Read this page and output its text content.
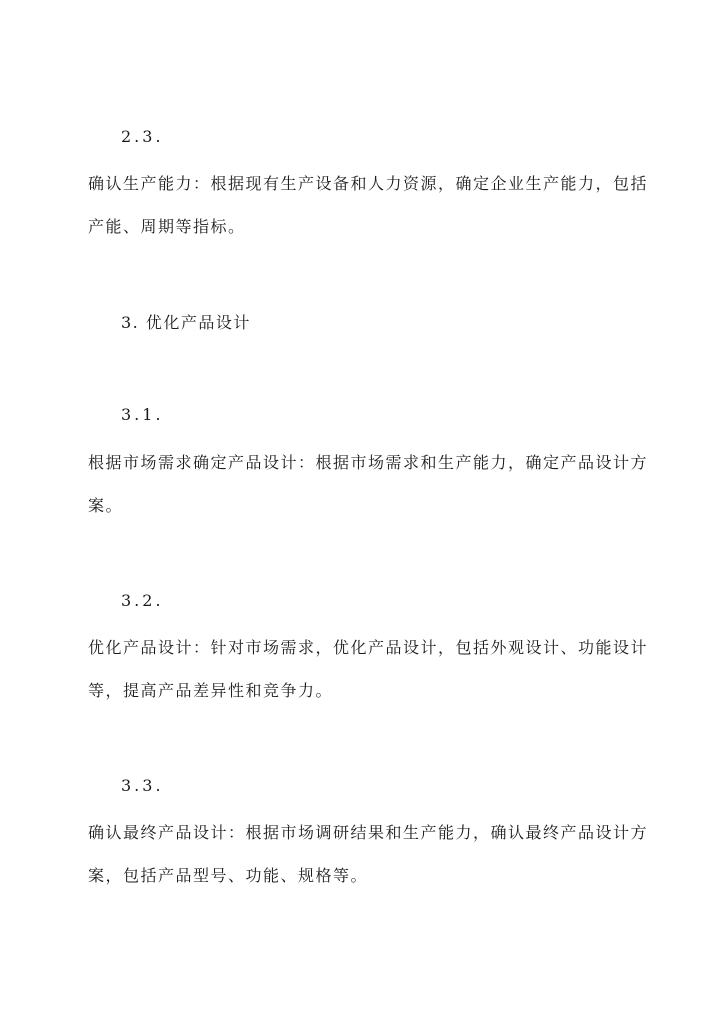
2.3.
确认生产能力：根据现有生产设备和人力资源，确定企业生产能力，包括
产能、周期等指标。
3. 优化产品设计
3.1.
根据市场需求确定产品设计：根据市场需求和生产能力，确定产品设计方
案。
3.2.
优化产品设计：针对市场需求，优化产品设计，包括外观设计、功能设计
等，提高产品差异性和竞争力。
3.3.
确认最终产品设计：根据市场调研结果和生产能力，确认最终产品设计方
案，包括产品型号、功能、规格等。
